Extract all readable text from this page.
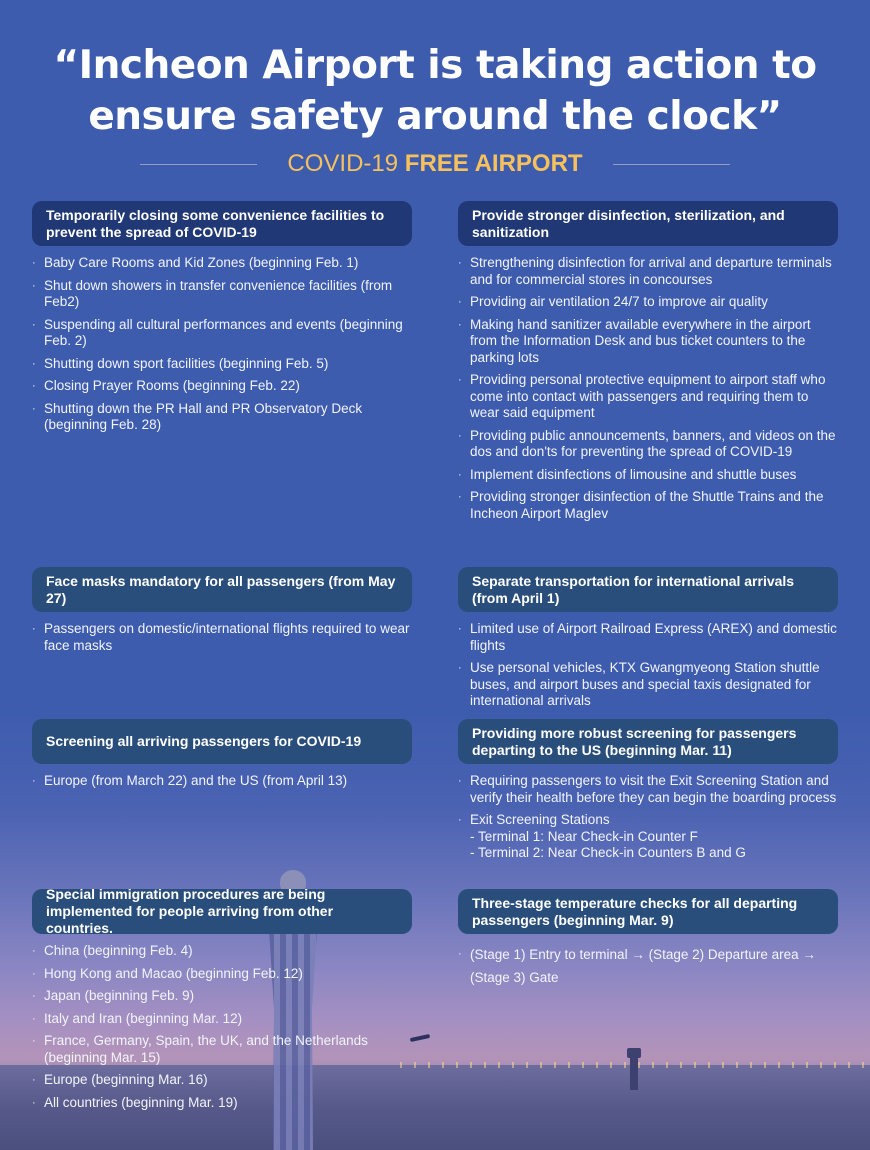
“Incheon Airport is taking action to
ensure safety around the clock”
COVID-19 FREE AIRPORT
Temporarily closing some convenience facilities to prevent the spread of COVID-19
· Baby Care Rooms and Kid Zones (beginning Feb. 1)
· Shut down showers in transfer convenience facilities (from Feb2)
· Suspending all cultural performances and events (beginning Feb. 2)
· Shutting down sport facilities (beginning Feb. 5)
· Closing Prayer Rooms (beginning Feb. 22)
· Shutting down the PR Hall and PR Observatory Deck (beginning Feb. 28)
Provide stronger disinfection, sterilization, and sanitization
· Strengthening disinfection for arrival and departure terminals and for commercial stores in concourses
· Providing air ventilation 24/7 to improve air quality
· Making hand sanitizer available everywhere in the airport from the Information Desk and bus ticket counters to the parking lots
· Providing personal protective equipment to airport staff who come into contact with passengers and requiring them to wear said equipment
· Providing public announcements, banners, and videos on the dos and don'ts for preventing the spread of COVID-19
· Implement disinfections of limousine and shuttle buses
· Providing stronger disinfection of the Shuttle Trains and the Incheon Airport Maglev
Face masks mandatory for all passengers (from May 27)
· Passengers on domestic/international flights required to wear face masks
Separate transportation for international arrivals (from April 1)
· Limited use of Airport Railroad Express (AREX) and domestic flights
· Use personal vehicles, KTX Gwangmyeong Station shuttle buses, and airport buses and special taxis designated for international arrivals
Screening all arriving passengers for COVID-19
· Europe (from March 22) and the US (from April 13)
Providing more robust screening for passengers departing to the US (beginning Mar. 11)
· Requiring passengers to visit the Exit Screening Station and verify their health before they can begin the boarding process
· Exit Screening Stations
- Terminal 1: Near Check-in Counter F
- Terminal 2: Near Check-in Counters B and G
Special immigration procedures are being implemented for people arriving from other countries.
· China (beginning Feb. 4)
· Hong Kong and Macao (beginning Feb. 12)
· Japan (beginning Feb. 9)
· Italy and Iran (beginning Mar. 12)
· France, Germany, Spain, the UK, and the Netherlands (beginning Mar. 15)
· Europe (beginning Mar. 16)
· All countries (beginning Mar. 19)
Three-stage temperature checks for all departing passengers (beginning Mar. 9)
· (Stage 1) Entry to terminal → (Stage 2) Departure area → (Stage 3) Gate
